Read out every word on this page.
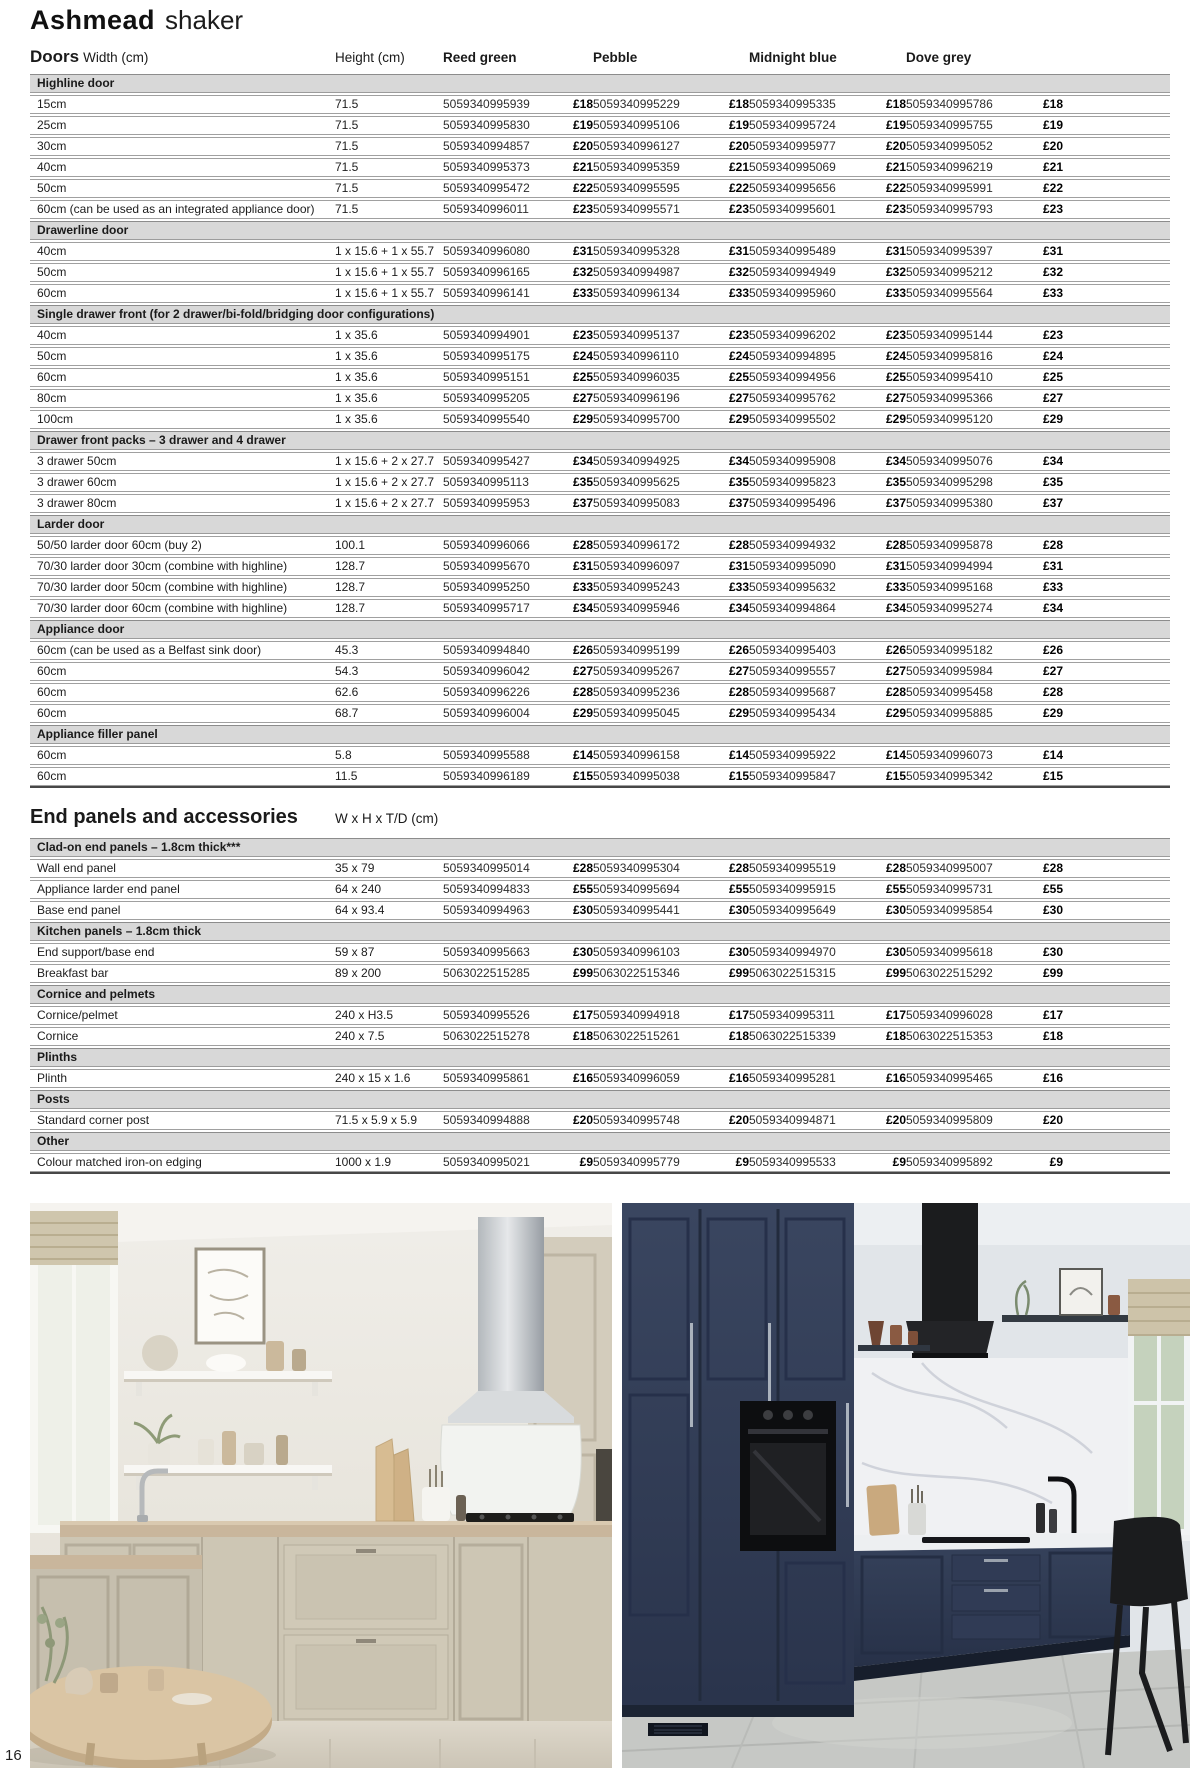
Ashmead shaker
Doors Width (cm)	Height (cm)	Reed green	Pebble	Midnight blue	Dove grey
Highline door
15cm	71.5	5059340995939	£18 5059340995229	£18 5059340995335	£18 5059340995786	£18
25cm	71.5	5059340995830	£19 5059340995106	£19 5059340995724	£19 5059340995755	£19
30cm	71.5	5059340994857	£20 5059340996127	£20 5059340995977	£20 5059340995052	£20
40cm	71.5	5059340995373	£21 5059340995359	£21 5059340995069	£21 5059340996219	£21
50cm	71.5	5059340995472	£22 5059340995595	£22 5059340995656	£22 5059340995991	£22
60cm (can be used as an integrated appliance door)	71.5	5059340996011	£23 5059340995571	£23 5059340995601	£23 5059340995793	£23
Drawerline door
40cm	1 x 15.6 + 1 x 55.7 5059340996080	£31 5059340995328	£31 5059340995489	£31 5059340995397	£31
50cm	1 x 15.6 + 1 x 55.7 5059340996165	£32 5059340994987	£32 5059340994949	£32 5059340995212	£32
60cm	1 x 15.6 + 1 x 55.7 5059340996141	£33 5059340996134	£33 5059340995960	£33 5059340995564	£33
Single drawer front (for 2 drawer/bi-fold/bridging door configurations)
40cm	1 x 35.6	5059340994901	£23 5059340995137	£23 5059340996202	£23 5059340995144	£23
50cm	1 x 35.6	5059340995175	£24 5059340996110	£24 5059340994895	£24 5059340995816	£24
60cm	1 x 35.6	5059340995151	£25 5059340996035	£25 5059340994956	£25 5059340995410	£25
80cm	1 x 35.6	5059340995205	£27 5059340996196	£27 5059340995762	£27 5059340995366	£27
100cm	1 x 35.6	5059340995540	£29 5059340995700	£29 5059340995502	£29 5059340995120	£29
Drawer front packs – 3 drawer and 4 drawer
3 drawer 50cm	1 x 15.6 + 2 x 27.7 5059340995427	£34 5059340994925	£34 5059340995908	£34 5059340995076	£34
3 drawer 60cm	1 x 15.6 + 2 x 27.7 5059340995113	£35 5059340995625	£35 5059340995823	£35 5059340995298	£35
3 drawer 80cm	1 x 15.6 + 2 x 27.7 5059340995953	£37 5059340995083	£37 5059340995496	£37 5059340995380	£37
Larder door
50/50 larder door 60cm (buy 2)	100.1	5059340996066	£28 5059340996172	£28 5059340994932	£28 5059340995878	£28
70/30 larder door 30cm (combine with highline)	128.7	5059340995670	£31 5059340996097	£31 5059340995090	£31 5059340994994	£31
70/30 larder door 50cm (combine with highline)	128.7	5059340995250	£33 5059340995243	£33 5059340995632	£33 5059340995168	£33
70/30 larder door 60cm (combine with highline)	128.7	5059340995717	£34 5059340995946	£34 5059340994864	£34 5059340995274	£34
Appliance door
60cm (can be used as a Belfast sink door)	45.3	5059340994840	£26 5059340995199	£26 5059340995403	£26 5059340995182	£26
60cm	54.3	5059340996042	£27 5059340995267	£27 5059340995557	£27 5059340995984	£27
60cm	62.6	5059340996226	£28 5059340995236	£28 5059340995687	£28 5059340995458	£28
60cm	68.7	5059340996004	£29 5059340995045	£29 5059340995434	£29 5059340995885	£29
Appliance filler panel
60cm	5.8	5059340995588	£14 5059340996158	£14 5059340995922	£14 5059340996073	£14
60cm	11.5	5059340996189	£15 5059340995038	£15 5059340995847	£15 5059340995342	£15
End panels and accessories	W x H x T/D (cm)
Clad-on end panels – 1.8cm thick***
Wall end panel	35 x 79	5059340995014	£28 5059340995304	£28 5059340995519	£28 5059340995007	£28
Appliance larder end panel	64 x 240	5059340994833	£55 5059340995694	£55 5059340995915	£55 5059340995731	£55
Base end panel	64 x 93.4	5059340994963	£30 5059340995441	£30 5059340995649	£30 5059340995854	£30
Kitchen panels – 1.8cm thick
End support/base end	59 x 87	5059340995663	£30 5059340996103	£30 5059340994970	£30 5059340995618	£30
Breakfast bar	89 x 200	5063022515285	£99 5063022515346	£99 5063022515315	£99 5063022515292	£99
Cornice and pelmets
Cornice/pelmet	240 x H3.5	5059340995526	£17 5059340994918	£17 5059340995311	£17 5059340996028	£17
Cornice	240 x 7.5	5063022515278	£18 5063022515261	£18 5063022515339	£18 5063022515353	£18
Plinths
Plinth	240 x 15 x 1.6	5059340995861	£16 5059340996059	£16 5059340995281	£16 5059340995465	£16
Posts
Standard corner post	71.5 x 5.9 x 5.9	5059340994888	£20 5059340995748	£20 5059340994871	£20 5059340995809	£20
Other
Colour matched iron-on edging	1000 x 1.9	5059340995021	£9 5059340995779	£9 5059340995533	£9 5059340995892	£9
16
